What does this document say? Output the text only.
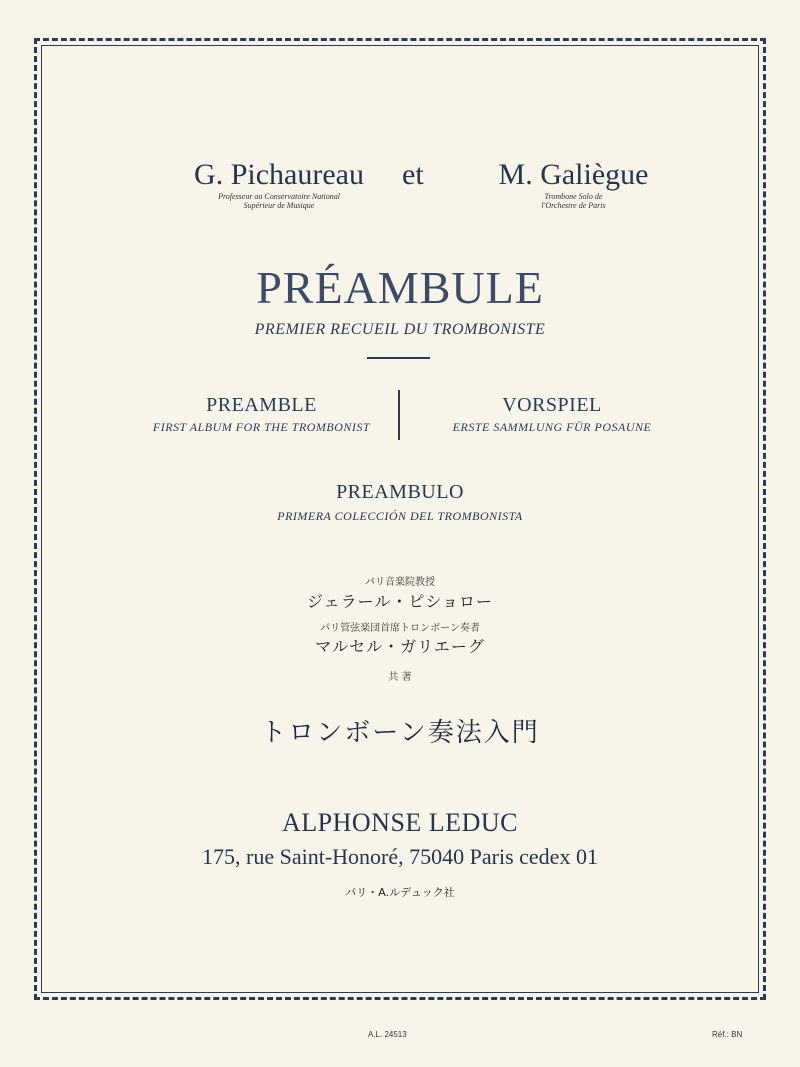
G. Pichaureau
Professeur au Conservatoire National
Supérieur de Musique
et	M. Galiègue
Trombone Solo de
l'Orchestre de Paris
PRÉAMBULE
PREMIER RECUEIL DU TROMBONISTE
PREAMBLE
FIRST ALBUM FOR THE TROMBONIST
VORSPIEL
ERSTE SAMMLUNG FÜR POSAUNE
PREAMBULO
PRIMERA COLECCIÓN DEL TROMBONISTA
パリ音楽院教授
ジェラール・ピショロー
パリ管弦楽団首席トロンボーン奏者
マルセル・ガリエーグ
共 著
トロンボーン奏法入門
ALPHONSE LEDUC
175, rue Saint-Honoré, 75040 Paris cedex 01
パリ・A.ルデュック社
A.L. 24513	Réf.: BN
